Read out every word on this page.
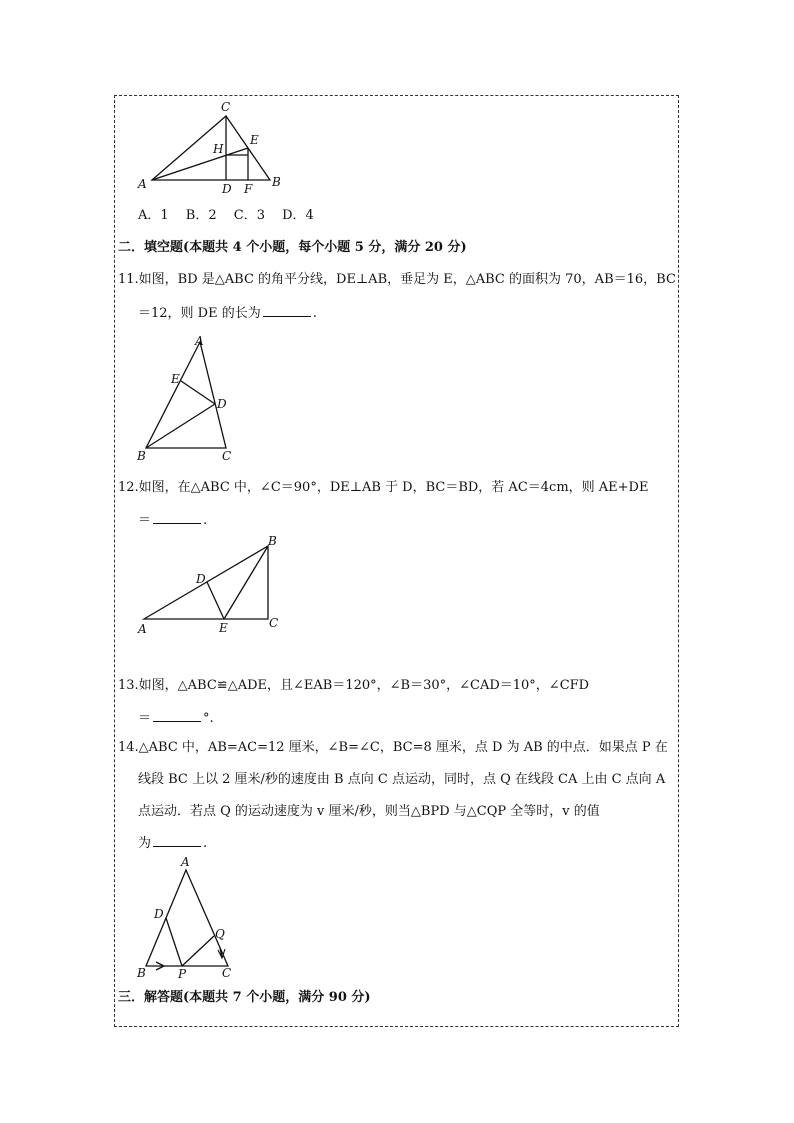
C
E
H
A	D F B
A．1　 B．2　 C．3　 D．4
二．填空题(本题共 4 个小题，每个小题 5 分，满分 20 分)
11.如图，BD 是△ABC 的角平分线，DE⊥AB，垂足为 E，△ABC 的面积为 70，AB＝16，BC
＝12，则 DE 的长为	.
A
E
D
B	C
12.如图，在△ABC 中，∠C＝90°，DE⊥AB 于 D，BC＝BD，若 AC＝4cm，则 AE+DE
＝	.
B
D
A	E	C
13.如图，△ABC≌△ADE，且∠EAB＝120°，∠B＝30°，∠CAD＝10°，∠CFD
＝	°.
14.△ABC 中，AB=AC=12 厘米，∠B=∠C，BC=8 厘米，点 D 为 AB 的中点．如果点 P 在
线段 BC 上以 2 厘米/秒的速度由 B 点向 C 点运动，同时，点 Q 在线段 CA 上由 C 点向 A
点运动．若点 Q 的运动速度为 v 厘米/秒，则当△BPD 与△CQP 全等时，v 的值
为	.
A
D
Q
B	P	C
三．解答题(本题共 7 个小题，满分 90 分)
